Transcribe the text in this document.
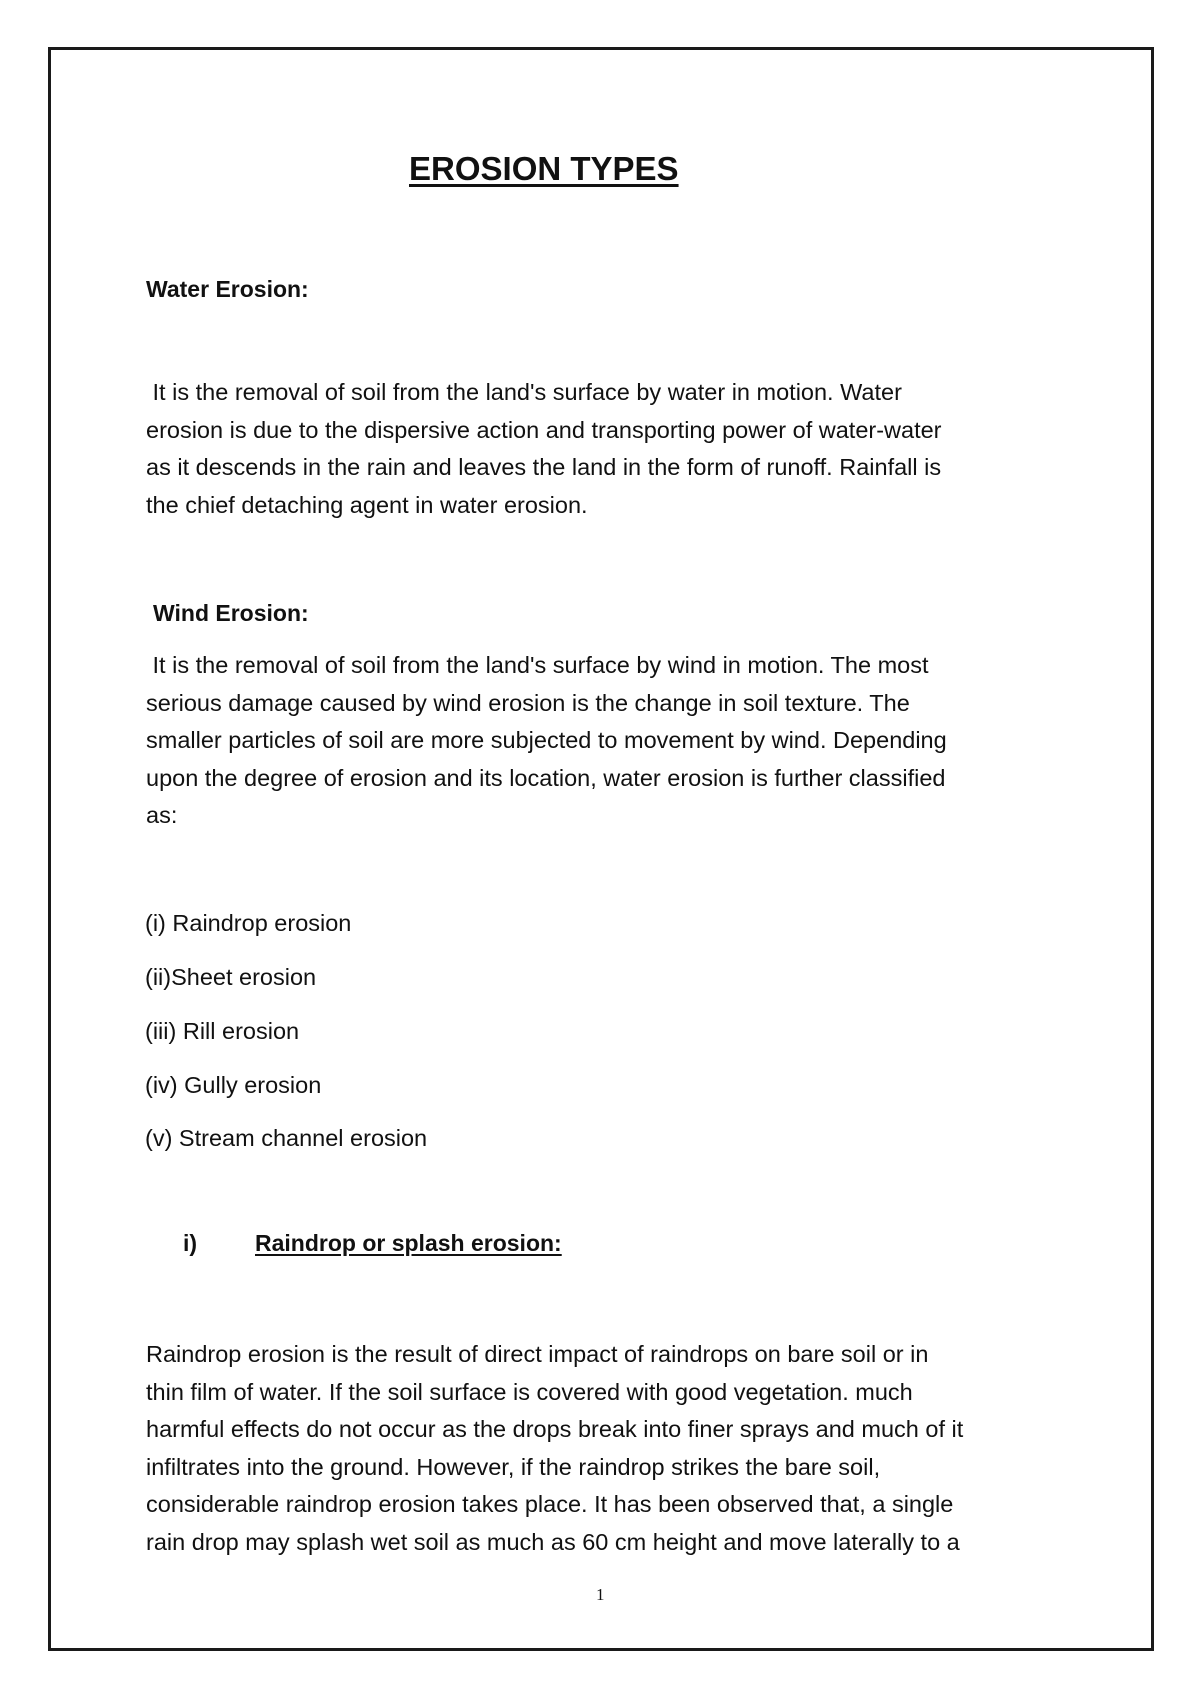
EROSION TYPES
Water Erosion:

It is the removal of soil from the land's surface by water in motion. Water
erosion is due to the dispersive action and transporting power of water-water
as it descends in the rain and leaves the land in the form of runoff. Rainfall is
the chief detaching agent in water erosion.

Wind Erosion:

It is the removal of soil from the land's surface by wind in motion. The most
serious damage caused by wind erosion is the change in soil texture. The
smaller particles of soil are more subjected to movement by wind. Depending
upon the degree of erosion and its location, water erosion is further classified
as:

(i) Raindrop erosion

(ii)Sheet erosion

(iii) Rill erosion

(iv) Gully erosion

(v) Stream channel erosion

i)	Raindrop or splash erosion:

Raindrop erosion is the result of direct impact of raindrops on bare soil or in
thin film of water. If the soil surface is covered with good vegetation. much
harmful effects do not occur as the drops break into finer sprays and much of it
infiltrates into the ground. However, if the raindrop strikes the bare soil,
considerable raindrop erosion takes place. It has been observed that, a single
rain drop may splash wet soil as much as 60 cm height and move laterally to a

1
